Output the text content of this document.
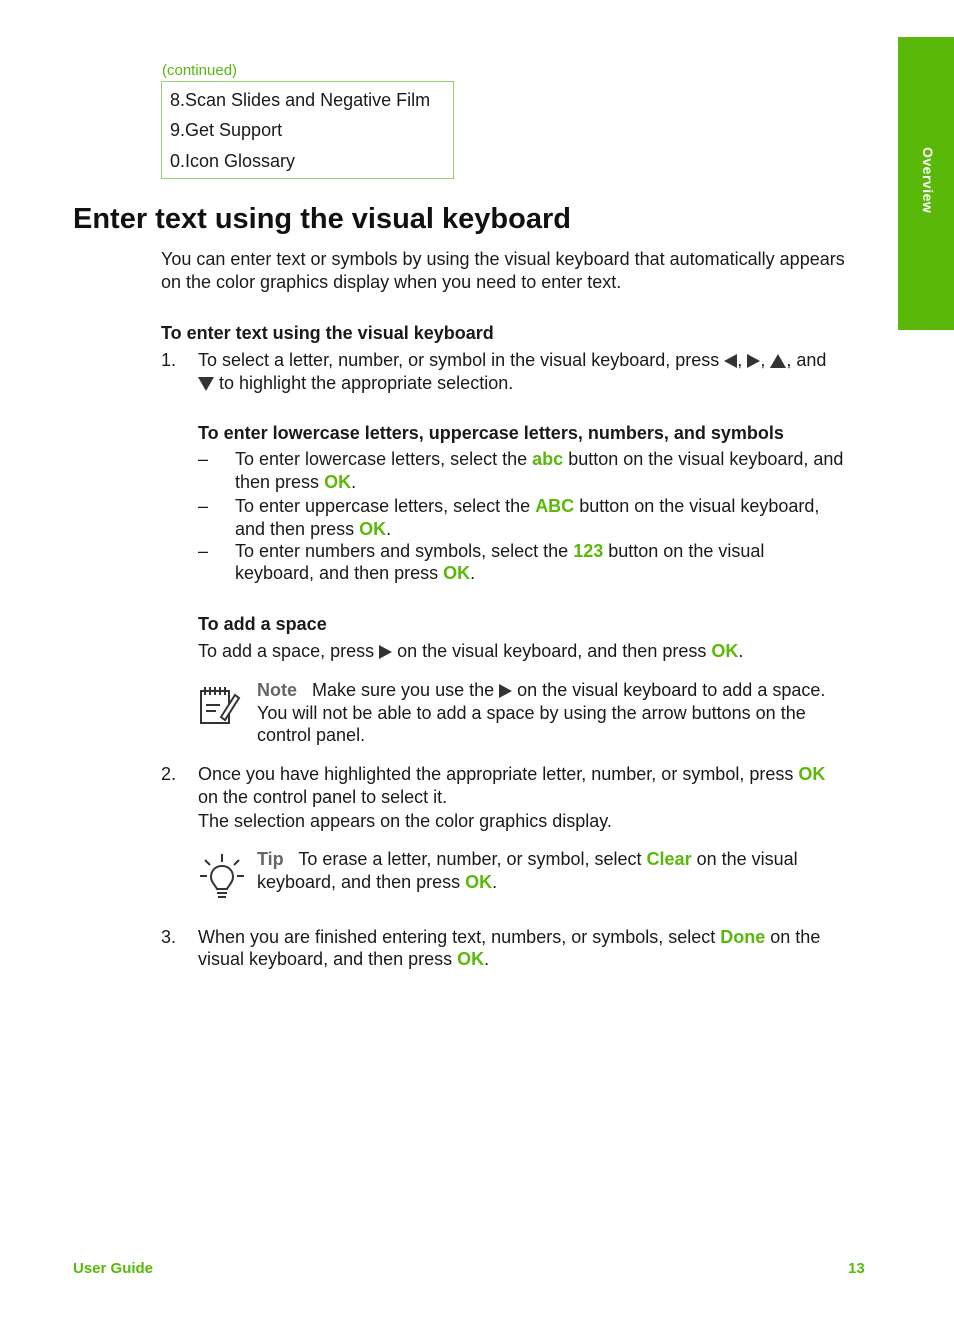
Overview
(continued)
8.Scan Slides and Negative Film
9.Get Support
0.Icon Glossary
Enter text using the visual keyboard
You can enter text or symbols by using the visual keyboard that automatically appears
on the color graphics display when you need to enter text.
To enter text using the visual keyboard
1. To select a letter, number, or symbol in the visual keyboard, press , , , and
to highlight the appropriate selection.
To enter lowercase letters, uppercase letters, numbers, and symbols
– To enter lowercase letters, select the abc button on the visual keyboard, and
then press OK.
– To enter uppercase letters, select the ABC button on the visual keyboard,
and then press OK.
– To enter numbers and symbols, select the 123 button on the visual
keyboard, and then press OK.
To add a space
To add a space, press on the visual keyboard, and then press OK.
Note Make sure you use the on the visual keyboard to add a space.
You will not be able to add a space by using the arrow buttons on the
control panel.
2. Once you have highlighted the appropriate letter, number, or symbol, press OK
on the control panel to select it.
The selection appears on the color graphics display.
Tip To erase a letter, number, or symbol, select Clear on the visual
keyboard, and then press OK.
3. When you are finished entering text, numbers, or symbols, select Done on the
visual keyboard, and then press OK.
User Guide	13
